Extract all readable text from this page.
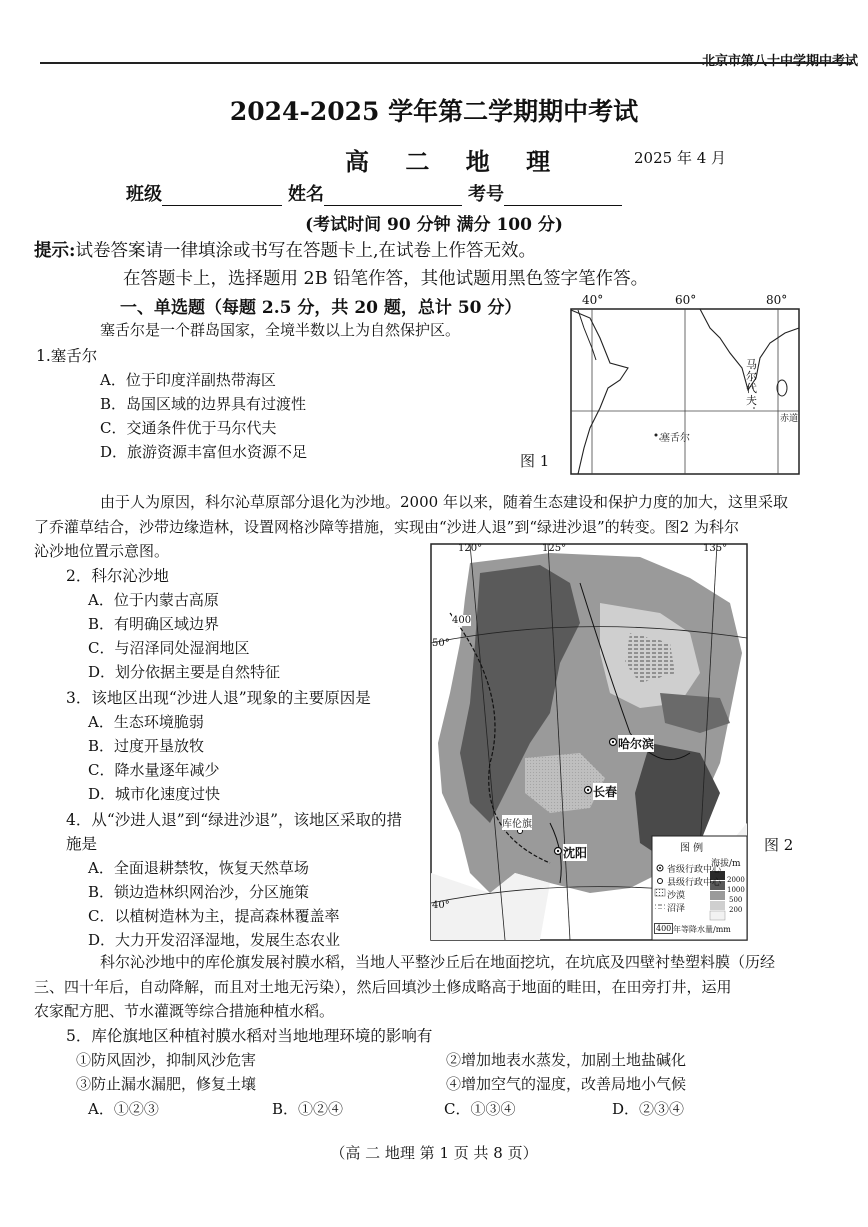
北京市第八十中学期中考试
2024-2025 学年第二学期期中考试
高 二 地 理	2025 年 4 月
班级	姓名	考号
(考试时间 90 分钟 满分 100 分)
提示:试卷答案请一律填涂或书写在答题卡上,在试卷上作答无效。
在答题卡上，选择题用 2B 铅笔作答，其他试题用黑色签字笔作答。
一、单选题（每题 2.5 分，共 20 题，总计 50 分）
塞舌尔是一个群岛国家，全境半数以上为自然保护区。
1.塞舌尔
A．位于印度洋副热带海区
B．岛国区域的边界具有过渡性
C．交通条件优于马尔代夫
D．旅游资源丰富但水资源不足	图 1
40°	60°	80°
马尔代夫
赤道
塞舌尔
由于人为原因，科尔沁草原部分退化为沙地。2000 年以来，随着生态建设和保护力度的加大，这里采取
了乔灌草结合，沙带边缘造林，设置网格沙障等措施，实现由“沙进人退”到“绿进沙退”的转变。图2 为科尔
沁沙地位置示意图。
2．科尔沁沙地
A．位于内蒙古高原
B．有明确区域边界
C．与沼泽同处湿润地区
D．划分依据主要是自然特征
3．该地区出现“沙进人退”现象的主要原因是
A．生态环境脆弱
B．过度开垦放牧
C．降水量逐年减少
D．城市化速度过快
4．从“沙进人退”到“绿进沙退”，该地区采取的措
施是
A．全面退耕禁牧，恢复天然草场
B．锁边造林织网治沙，分区施策
C．以植树造林为主，提高森林覆盖率
D．大力开发沼泽湿地，发展生态农业
120°	125°	135°
50°
40°
400
哈尔滨
长春
沈阳
库伦旗
图 例
省级行政中心
县级行政中心
沙漠
沼泽
400 年等降水量/mm
海拔/m
2000
1000
500
200
图 2
科尔沁沙地中的库伦旗发展衬膜水稻，当地人平整沙丘后在地面挖坑，在坑底及四壁衬垫塑料膜（历经
三、四十年后，自动降解，而且对土地无污染），然后回填沙土修成略高于地面的畦田，在田旁打井，运用
农家配方肥、节水灌溉等综合措施种植水稻。
5．库伦旗地区种植衬膜水稻对当地地理环境的影响有
①防风固沙，抑制风沙危害	②增加地表水蒸发，加剧土地盐碱化
③防止漏水漏肥，修复土壤	④增加空气的湿度，改善局地小气候
A．①②③	B．①②④	C．①③④	D．②③④
（高 二 地理 第 1 页 共 8 页）
